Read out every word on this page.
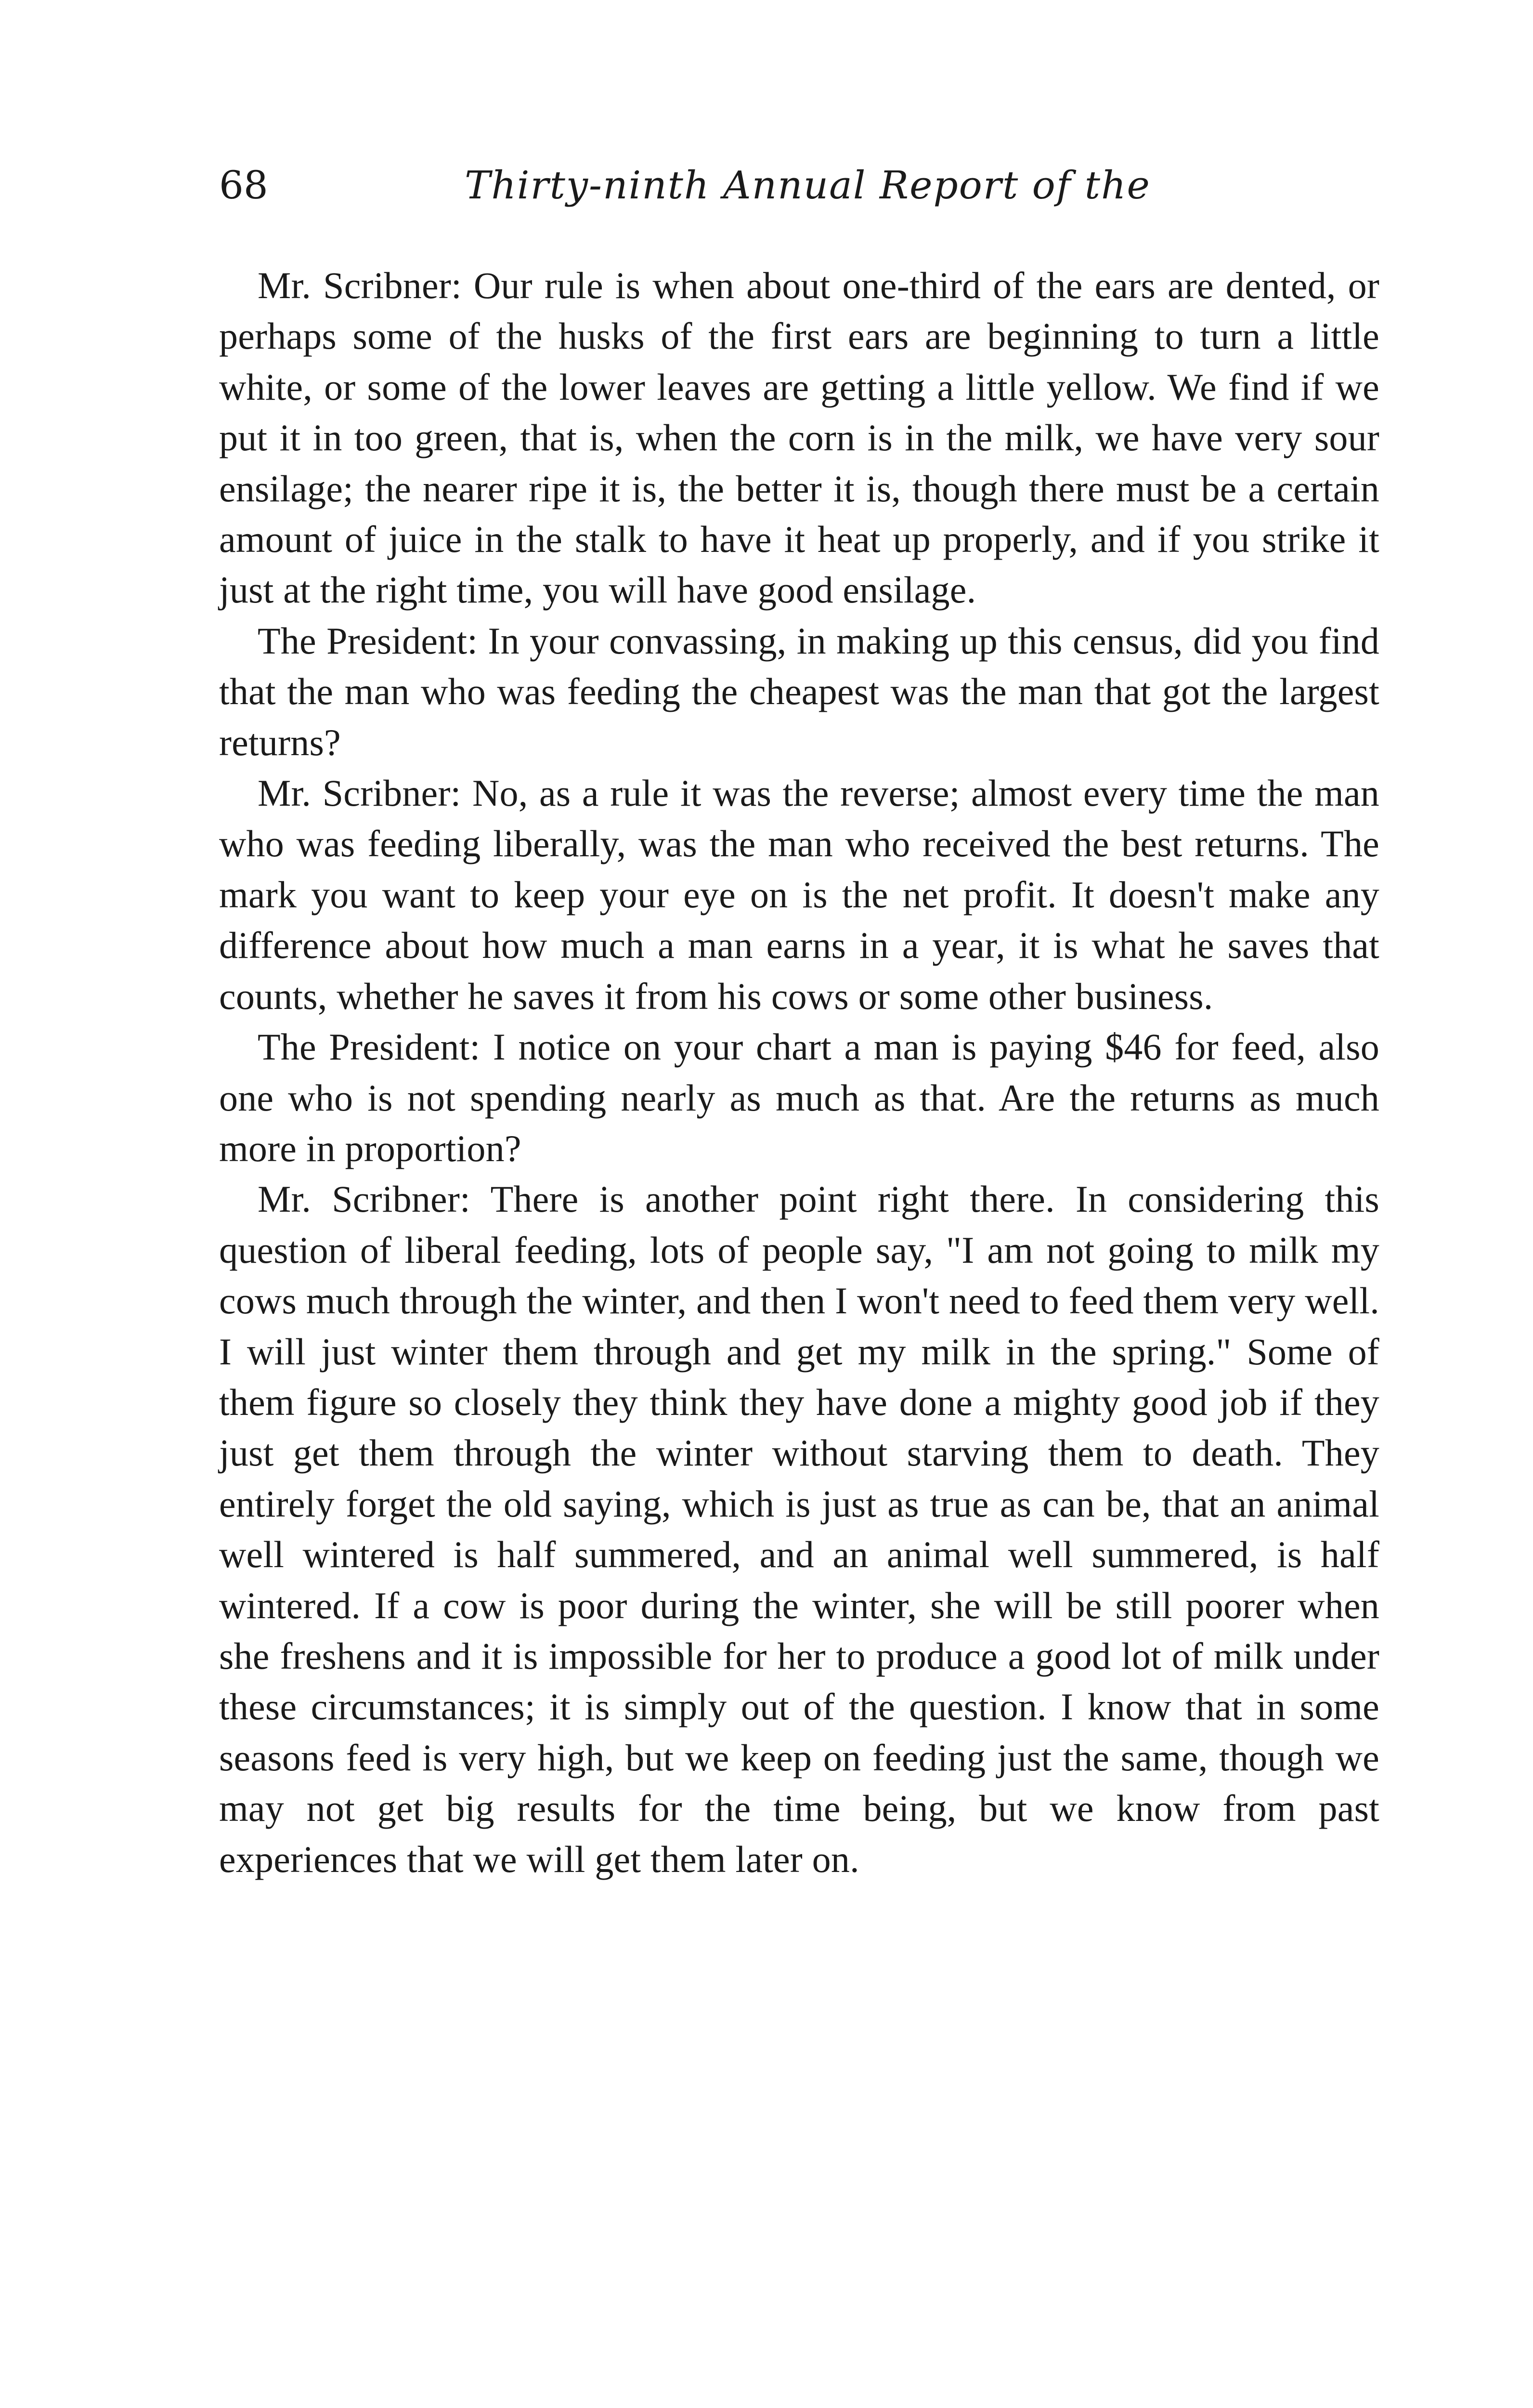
68	Thirty-ninth Annual Report of the

Mr. Scribner: Our rule is when about one-third of the ears are dented, or perhaps some of the husks of the first ears are beginning to turn a little white, or some of the lower leaves are getting a little yellow. We find if we put it in too green, that is, when the corn is in the milk, we have very sour ensilage; the nearer ripe it is, the better it is, though there must be a certain amount of juice in the stalk to have it heat up properly, and if you strike it just at the right time, you will have good ensilage.

The President: In your convassing, in making up this census, did you find that the man who was feeding the cheapest was the man that got the largest returns?

Mr. Scribner: No, as a rule it was the reverse; almost every time the man who was feeding liberally, was the man who received the best returns. The mark you want to keep your eye on is the net profit. It doesn't make any difference about how much a man earns in a year, it is what he saves that counts, whether he saves it from his cows or some other business.

The President: I notice on your chart a man is paying $46 for feed, also one who is not spending nearly as much as that. Are the returns as much more in proportion?

Mr. Scribner: There is another point right there. In considering this question of liberal feeding, lots of people say, "I am not going to milk my cows much through the winter, and then I won't need to feed them very well. I will just winter them through and get my milk in the spring." Some of them figure so closely they think they have done a mighty good job if they just get them through the winter without starving them to death. They entirely forget the old saying, which is just as true as can be, that an animal well wintered is half summered, and an animal well summered, is half wintered. If a cow is poor during the winter, she will be still poorer when she freshens and it is impossible for her to produce a good lot of milk under these circumstances; it is simply out of the question. I know that in some seasons feed is very high, but we keep on feeding just the same, though we may not get big results for the time being, but we know from past experiences that we will get them later on.
